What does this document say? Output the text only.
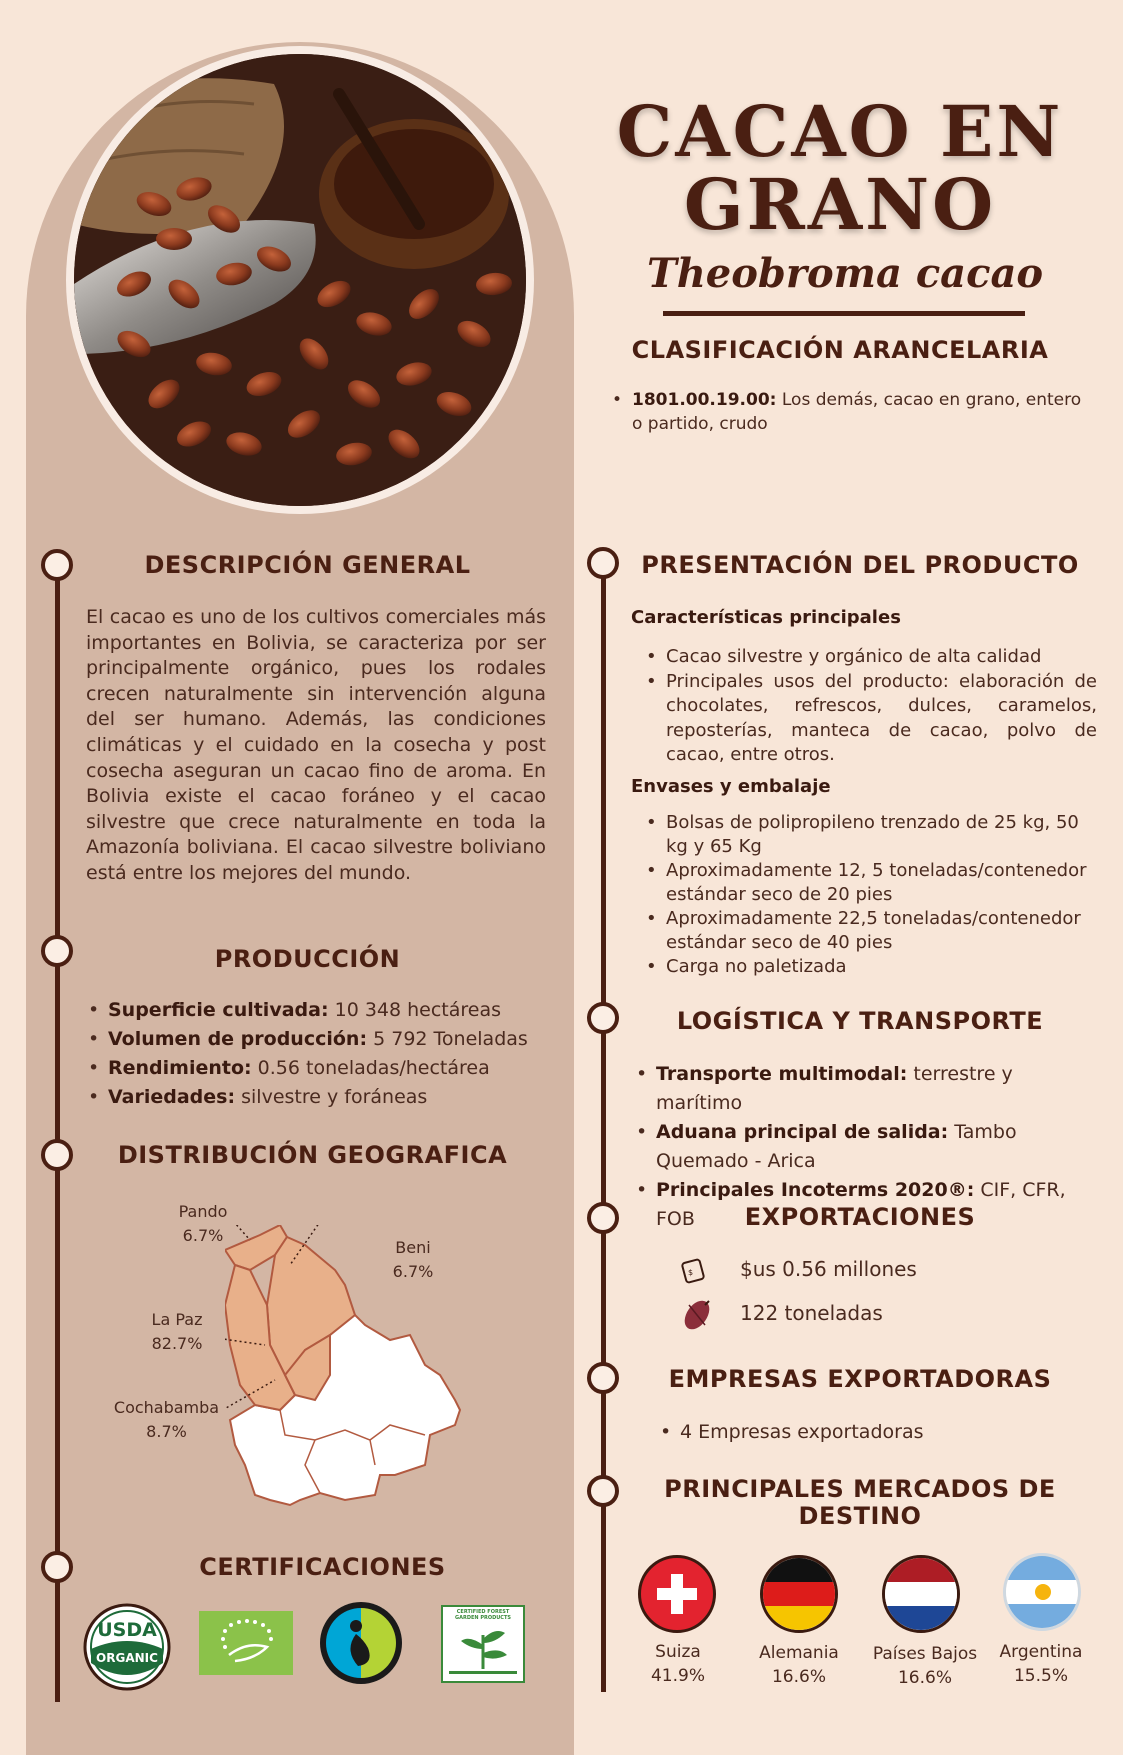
CACAO EN
GRANO
Theobroma cacao
CLASIFICACIÓN ARANCELARIA
• 1801.00.19.00: Los demás, cacao en grano, entero o partido, crudo
DESCRIPCIÓN GENERAL
El cacao es uno de los cultivos comerciales más importantes en Bolivia, se caracteriza por ser principalmente orgánico, pues los rodales crecen naturalmente sin intervención alguna del ser humano. Además, las condiciones climáticas y el cuidado en la cosecha y post cosecha aseguran un cacao fino de aroma. En Bolivia existe el cacao foráneo y el cacao silvestre que crece naturalmente en toda la Amazonía boliviana. El cacao silvestre boliviano está entre los mejores del mundo.
PRODUCCIÓN
• Superficie cultivada: 10 348 hectáreas
• Volumen de producción: 5 792 Toneladas
• Rendimiento: 0.56 toneladas/hectárea
• Variedades: silvestre y foráneas
DISTRIBUCIÓN GEOGRAFICA
Pando
6.7%
Beni
6.7%
La Paz
82.7%
Cochabamba
8.7%
CERTIFICACIONES
USDA
ORGANIC
CERTIFIED FOREST GARDEN PRODUCTS
PRESENTACIÓN DEL PRODUCTO
Características principales
• Cacao silvestre y orgánico de alta calidad
• Principales usos del producto: elaboración de chocolates, refrescos, dulces, caramelos, reposterías, manteca de cacao, polvo de cacao, entre otros.
Envases y embalaje
• Bolsas de polipropileno trenzado de 25 kg, 50 kg y 65 Kg
• Aproximadamente 12, 5 toneladas/contenedor estándar seco de 20 pies
• Aproximadamente 22,5 toneladas/contenedor estándar seco de 40 pies
• Carga no paletizada
LOGÍSTICA Y TRANSPORTE
• Transporte multimodal: terrestre y marítimo
• Aduana principal de salida: Tambo Quemado - Arica
• Principales Incoterms 2020®: CIF, CFR, FOB	EXPORTACIONES
$ $us 0.56 millones
122 toneladas
EMPRESAS EXPORTADORAS
• 4 Empresas exportadoras
PRINCIPALES MERCADOS DE
DESTINO
Suiza
41.9%
Alemania
16.6%
Países Bajos
16.6%
Argentina
15.5%
